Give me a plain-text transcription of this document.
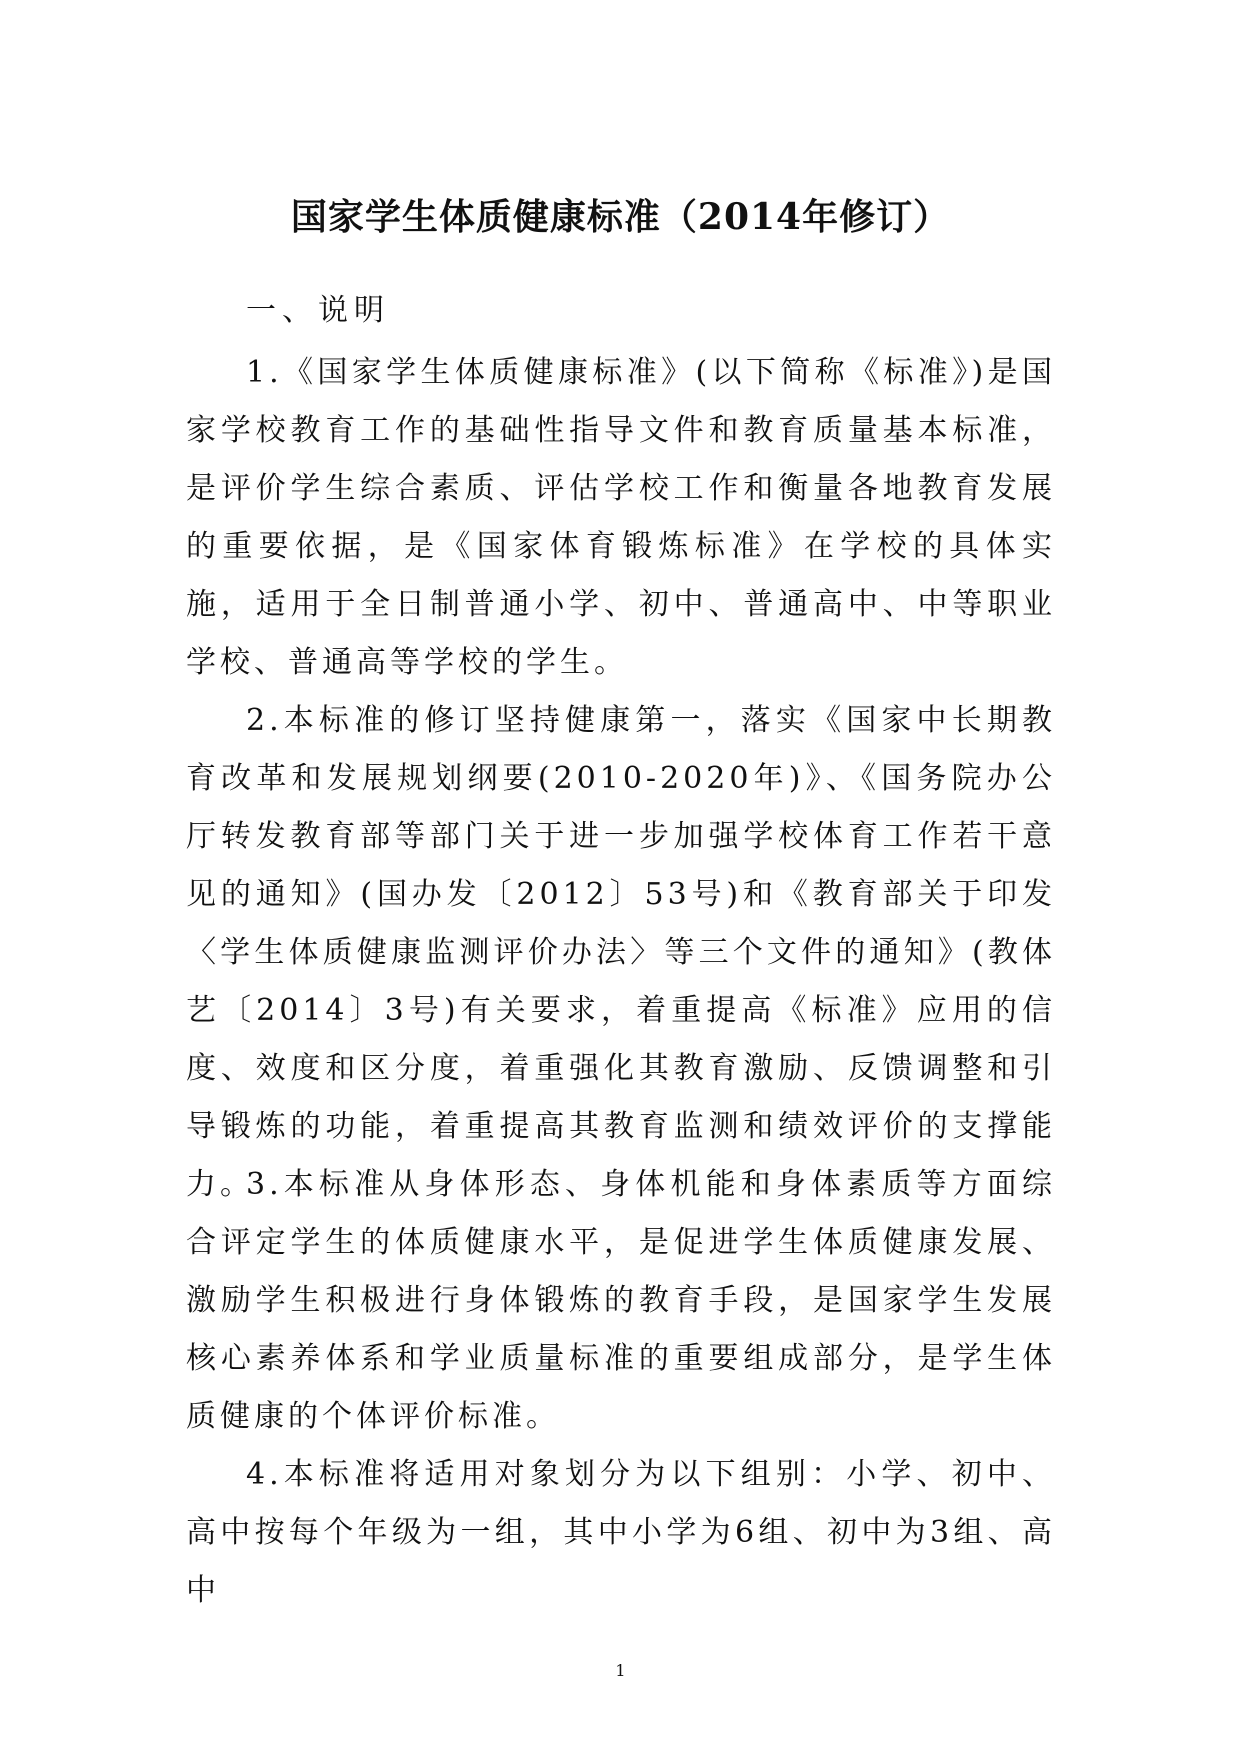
国家学生体质健康标准（2014年修订）
一、说明

1.《国家学生体质健康标准》(以下简称《标准》)是国家学校教育工作的基础性指导文件和教育质量基本标准，是评价学生综合素质、评估学校工作和衡量各地教育发展的重要依据，是《国家体育锻炼标准》在学校的具体实施，适用于全日制普通小学、初中、普通高中、中等职业学校、普通高等学校的学生。

2.本标准的修订坚持健康第一，落实《国家中长期教育改革和发展规划纲要(2010-2020年)》、《国务院办公厅转发教育部等部门关于进一步加强学校体育工作若干意见的通知》(国办发〔2012〕53号)和《教育部关于印发〈学生体质健康监测评价办法〉等三个文件的通知》(教体艺〔2014〕3号)有关要求，着重提高《标准》应用的信度、效度和区分度，着重强化其教育激励、反馈调整和引导锻炼的功能，着重提高其教育监测和绩效评价的支撑能力。

3.本标准从身体形态、身体机能和身体素质等方面综合评定学生的体质健康水平，是促进学生体质健康发展、激励学生积极进行身体锻炼的教育手段，是国家学生发展核心素养体系和学业质量标准的重要组成部分，是学生体质健康的个体评价标准。

4.本标准将适用对象划分为以下组别：小学、初中、高中按每个年级为一组，其中小学为6组、初中为3组、高中

1
